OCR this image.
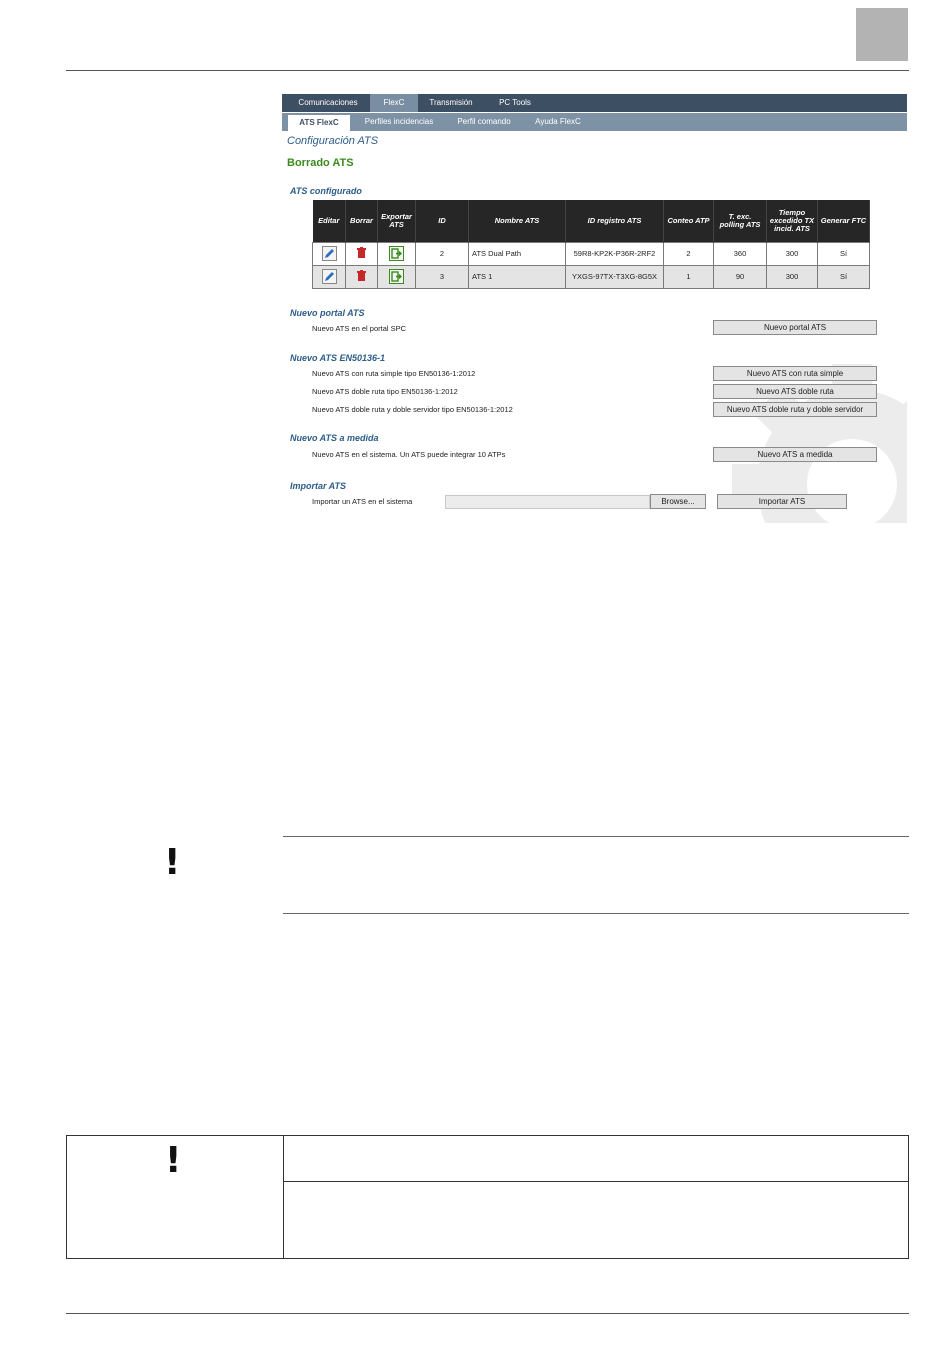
Comunicaciones	FlexC	Transmisión	PC Tools
ATS FlexC	Perfiles incidencias	Perfil comando	Ayuda FlexC
Configuración ATS
Borrado ATS
ATS configurado
Editar	Borrar	Exportar ATS	ID	Nombre ATS	ID registro ATS	Conteo ATP	T. exc. polling ATS	Tiempo excedido TX incid. ATS	Generar FTC
			2	ATS Dual Path	59R8-KP2K-P36R-2RF2	2	360	300	Sí
			3	ATS 1	YXGS-97TX-T3XG-8G5X	1	90	300	Sí
Nuevo portal ATS
Nuevo ATS en el portal SPC	Nuevo portal ATS
Nuevo ATS EN50136-1
Nuevo ATS con ruta simple tipo EN50136-1:2012	Nuevo ATS con ruta simple
Nuevo ATS doble ruta tipo EN50136-1:2012	Nuevo ATS doble ruta
Nuevo ATS doble ruta y doble servidor tipo EN50136-1:2012	Nuevo ATS doble ruta y doble servidor
Nuevo ATS a medida
Nuevo ATS en el sistema. Un ATS puede integrar 10 ATPs	Nuevo ATS a medida
Importar ATS
Importar un ATS en el sistema	Browse...	Importar ATS
!
!
